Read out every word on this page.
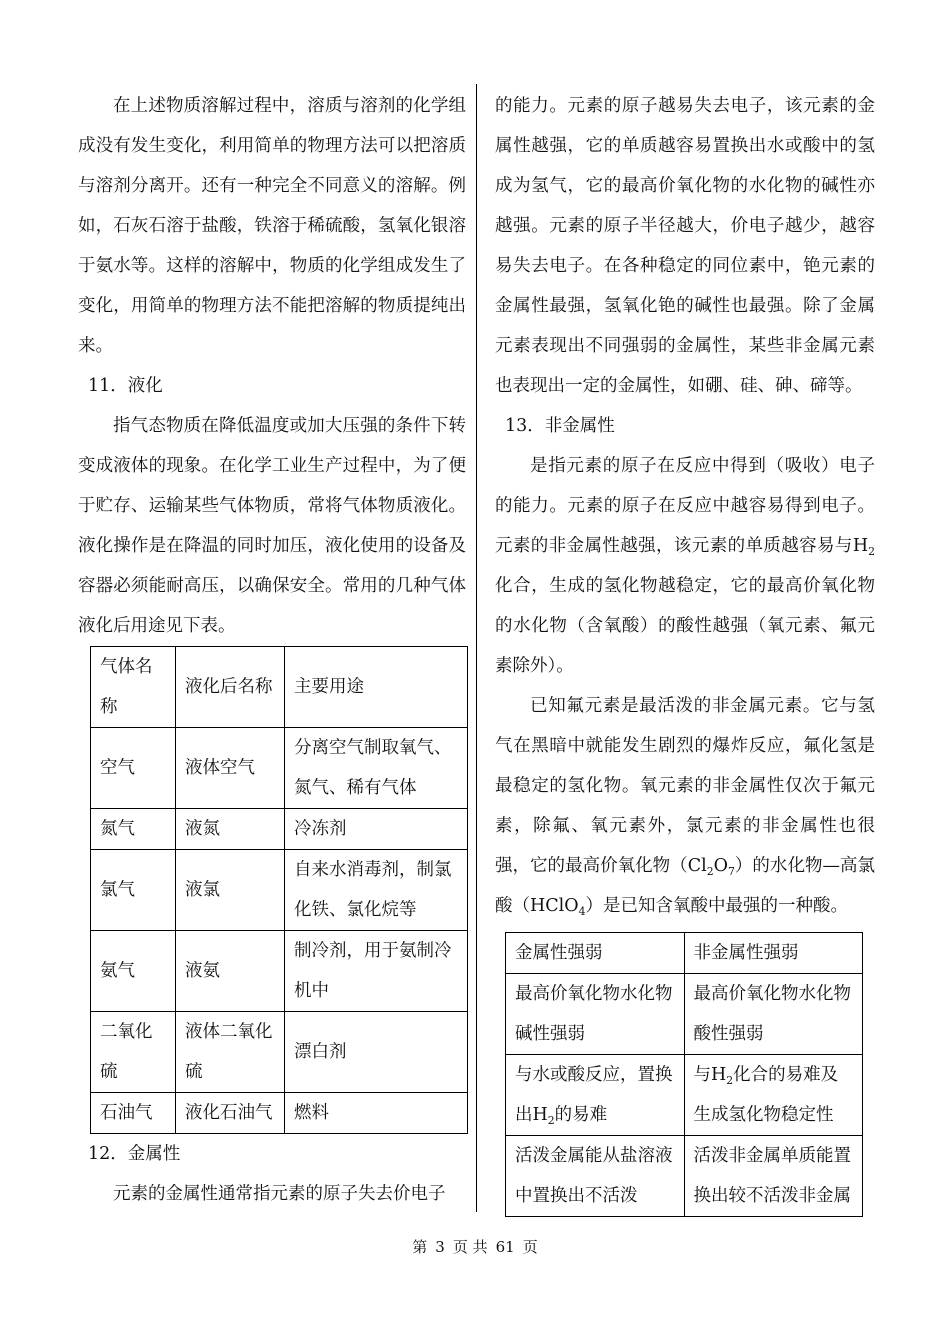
在上述物质溶解过程中，溶质与溶剂的化学组成没有发生变化，利用简单的物理方法可以把溶质与溶剂分离开。还有一种完全不同意义的溶解。例如，石灰石溶于盐酸，铁溶于稀硫酸，氢氧化银溶于氨水等。这样的溶解中，物质的化学组成发生了变化，用简单的物理方法不能把溶解的物质提纯出来。

11．液化

指气态物质在降低温度或加大压强的条件下转变成液体的现象。在化学工业生产过程中，为了便于贮存、运输某些气体物质，常将气体物质液化。液化操作是在降温的同时加压，液化使用的设备及容器必须能耐高压，以确保安全。常用的几种气体液化后用途见下表。

气体名称	液化后名称	主要用途
空气	液体空气	分离空气制取氧气、氮气、稀有气体
氮气	液氮	冷冻剂
氯气	液氯	自来水消毒剂，制氯化铁、氯化烷等
氨气	液氨	制冷剂，用于氨制冷机中
二氧化硫	液体二氧化硫	漂白剂
石油气	液化石油气	燃料

12．金属性

元素的金属性通常指元素的原子失去价电子

的能力。元素的原子越易失去电子，该元素的金属性越强，它的单质越容易置换出水或酸中的氢成为氢气，它的最高价氧化物的水化物的碱性亦越强。元素的原子半径越大，价电子越少，越容易失去电子。在各种稳定的同位素中，铯元素的金属性最强，氢氧化铯的碱性也最强。除了金属元素表现出不同强弱的金属性，某些非金属元素也表现出一定的金属性，如硼、硅、砷、碲等。

13．非金属性

是指元素的原子在反应中得到（吸收）电子的能力。元素的原子在反应中越容易得到电子。元素的非金属性越强，该元素的单质越容易与$H_2$化合，生成的氢化物越稳定，它的最高价氧化物的水化物（含氧酸）的酸性越强（氧元素、氟元素除外）。

已知氟元素是最活泼的非金属元素。它与氢气在黑暗中就能发生剧烈的爆炸反应，氟化氢是最稳定的氢化物。氧元素的非金属性仅次于氟元素，除氟、氧元素外，氯元素的非金属性也很强，它的最高价氧化物$(Cl_2O_7)$的水化物—高氯酸（HClO$_4$）是已知含氧酸中最强的一种酸。

金属性强弱	非金属性强弱
最高价氧化物水化物碱性强弱	最高价氧化物水化物酸性强弱
与水或酸反应，置换出$H_2$的易难	与$H_2$化合的易难及生成氢化物稳定性
活泼金属能从盐溶液中置换出不活泼	活泼非金属单质能置换出较不活泼非金属
第 3 页 共 61 页
